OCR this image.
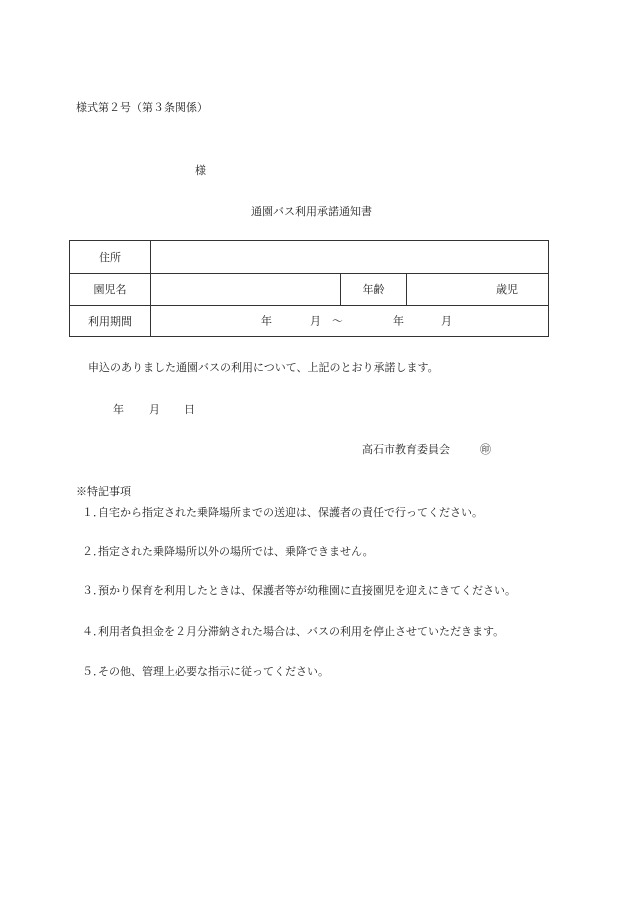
様式第２号（第３条関係）
様
通園バス利用承諾通知書
住所			
園児名		年齢	歳児
利用期間	年 月 ～ 年 月		
申込のありました通園バスの利用について、上記のとおり承諾します。
年 月 日
高石市教育委員会	㊞
※特記事項
１．自宅から指定された乗降場所までの送迎は、保護者の責任で行ってください。
２．指定された乗降場所以外の場所では、乗降できません。
３．預かり保育を利用したときは、保護者等が幼稚園に直接園児を迎えにきてください。
４．利用者負担金を２月分滞納された場合は、バスの利用を停止させていただきます。
５．その他、管理上必要な指示に従ってください。
